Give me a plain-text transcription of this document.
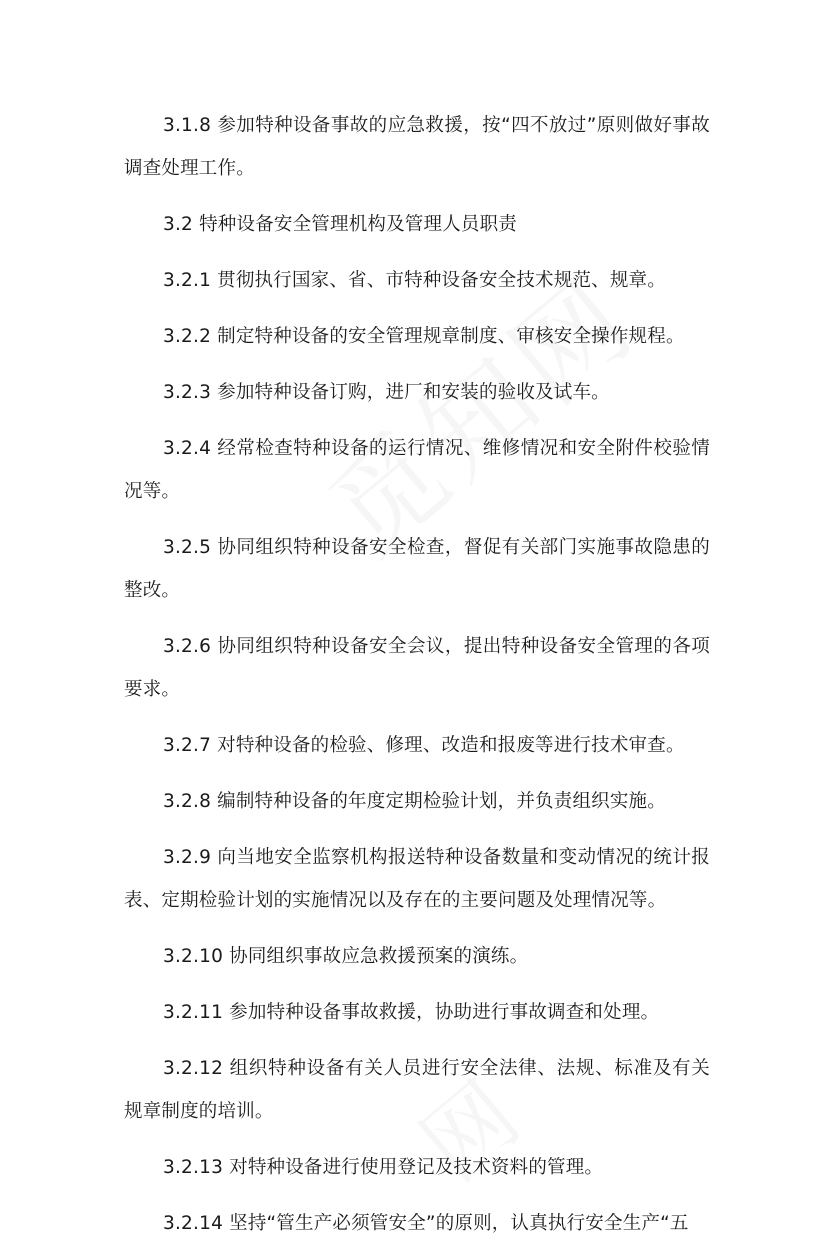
3.1.8 参加特种设备事故的应急救援，按“四不放过”原则做好事故调查处理工作。

3.2 特种设备安全管理机构及管理人员职责

3.2.1 贯彻执行国家、省、市特种设备安全技术规范、规章。

3.2.2 制定特种设备的安全管理规章制度、审核安全操作规程。

3.2.3 参加特种设备订购，进厂和安装的验收及试车。

3.2.4 经常检查特种设备的运行情况、维修情况和安全附件校验情况等。

3.2.5 协同组织特种设备安全检查，督促有关部门实施事故隐患的整改。

3.2.6 协同组织特种设备安全会议，提出特种设备安全管理的各项要求。

3.2.7 对特种设备的检验、修理、改造和报废等进行技术审查。

3.2.8 编制特种设备的年度定期检验计划，并负责组织实施。

3.2.9 向当地安全监察机构报送特种设备数量和变动情况的统计报表、定期检验计划的实施情况以及存在的主要问题及处理情况等。

3.2.10 协同组织事故应急救援预案的演练。

3.2.11 参加特种设备事故救援，协助进行事故调查和处理。

3.2.12 组织特种设备有关人员进行安全法律、法规、标准及有关规章制度的培训。

3.2.13 对特种设备进行使用登记及技术资料的管理。

3.2.14 坚持“管生产必须管安全”的原则，认真执行安全生产“五
